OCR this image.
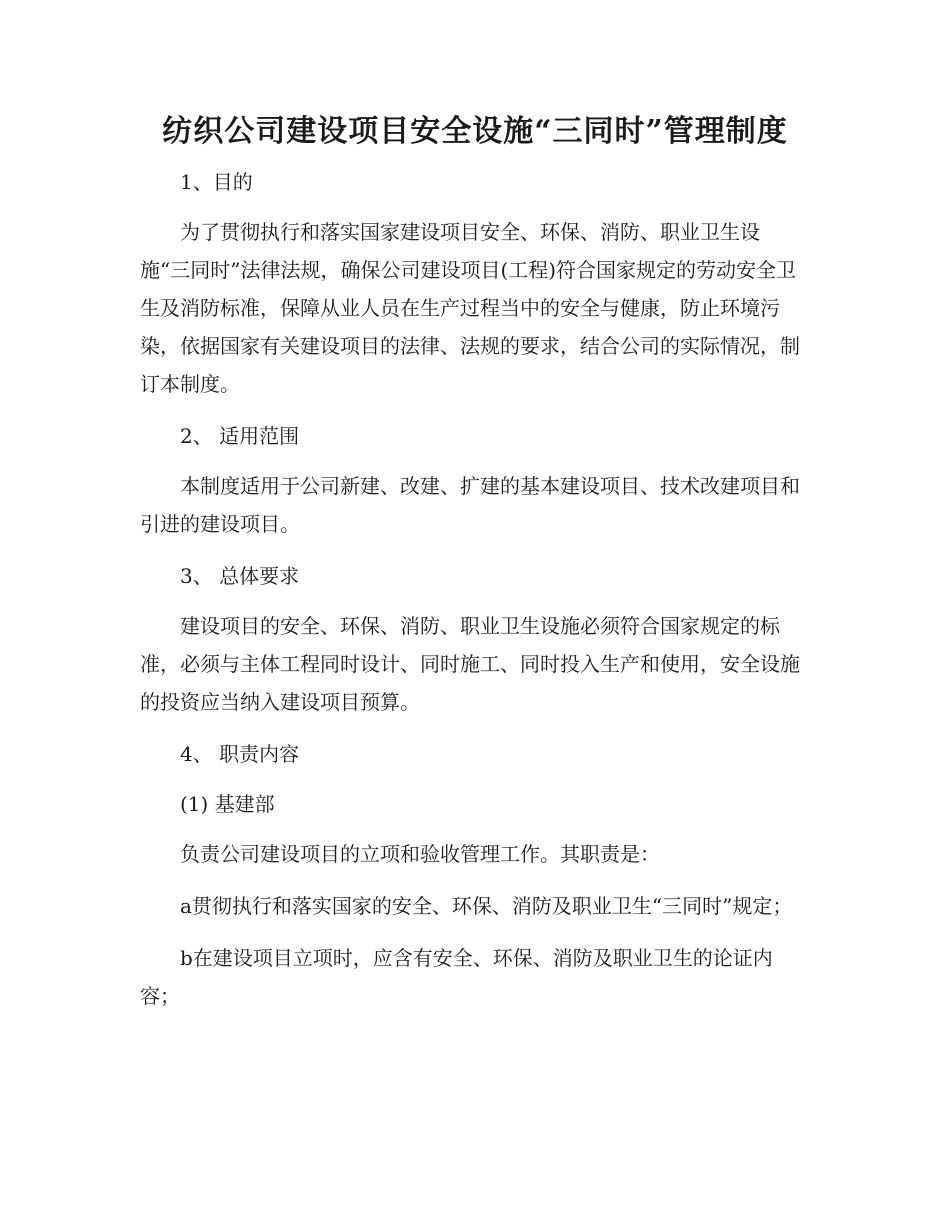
纺织公司建设项目安全设施“三同时”管理制度

1、目的

为了贯彻执行和落实国家建设项目安全、环保、消防、职业卫生设施“三同时”法律法规，确保公司建设项目(工程)符合国家规定的劳动安全卫生及消防标准，保障从业人员在生产过程当中的安全与健康，防止环境污染，依据国家有关建设项目的法律、法规的要求，结合公司的实际情况，制订本制度。

2、 适用范围

本制度适用于公司新建、改建、扩建的基本建设项目、技术改建项目和引进的建设项目。

3、 总体要求

建设项目的安全、环保、消防、职业卫生设施必须符合国家规定的标准，必须与主体工程同时设计、同时施工、同时投入生产和使用，安全设施的投资应当纳入建设项目预算。

4、 职责内容

(1) 基建部

负责公司建设项目的立项和验收管理工作。其职责是：

a贯彻执行和落实国家的安全、环保、消防及职业卫生“三同时”规定；

b在建设项目立项时，应含有安全、环保、消防及职业卫生的论证内容；
